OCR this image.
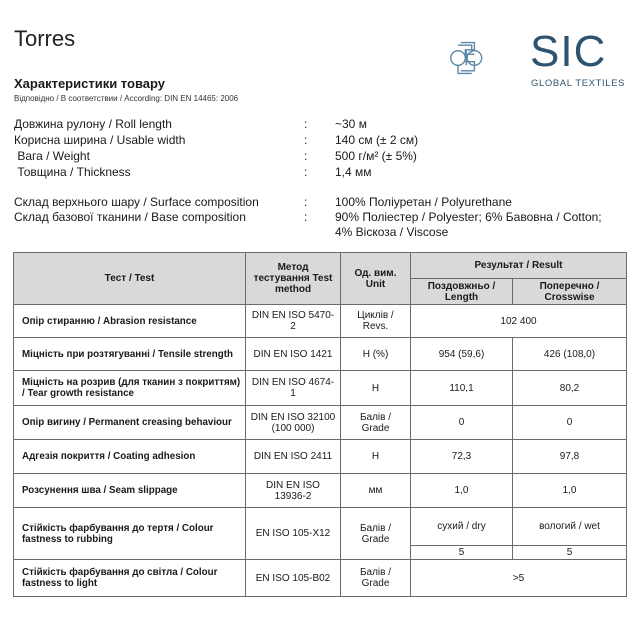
Torres	SIC
GLOBAL TEXTILES
Характеристики товару
Відповідно / В соответствии / According: DIN EN 14465: 2006
Довжина рулону / Roll length	: ~30 м
Корисна ширина / Usable width	: 140 см (± 2 см)
Вага / Weight	: 500 г/м² (± 5%)
Товщина / Thickness	: 1,4 мм
Склад верхнього шару / Surface composition	: 100% Поліуретан / Polyurethane
Склад базової тканини / Base composition	: 90% Поліестер / Polyester; 6% Бавовна / Cotton;
4% Віскоза / Viscose
Тест / Test	Метод тестування Test method	Од. вим. Unit	Результат / Result	
			Поздовжньо / Length	Поперечно / Crosswise
Опір стиранню / Abrasion resistance	DIN EN ISO 5470-2	Циклів / Revs.	102 400	
Міцність при розтягуванні / Tensile strength	DIN EN ISO 1421	Н (%)	954 (59,6)	426 (108,0)
Міцність на розрив (для тканин з покриттям) / Tear growth resistance	DIN EN ISO 4674-1	Н	110,1	80,2
Опір вигину / Permanent creasing behaviour	DIN EN ISO 32100 (100 000)	Балів / Grade	0	0
Адгезія покриття / Coating adhesion	DIN EN ISO 2411	Н	72,3	97,8
Розсунення шва / Seam slippage	DIN EN ISO 13936-2	мм	1,0	1,0
Стійкість фарбування до тертя / Colour fastness to rubbing	EN ISO 105-X12	Балів / Grade	сухий / dry	вологий / wet
			5	5
Стійкість фарбування до світла / Colour fastness to light	EN ISO 105-B02	Балів / Grade	>5	
